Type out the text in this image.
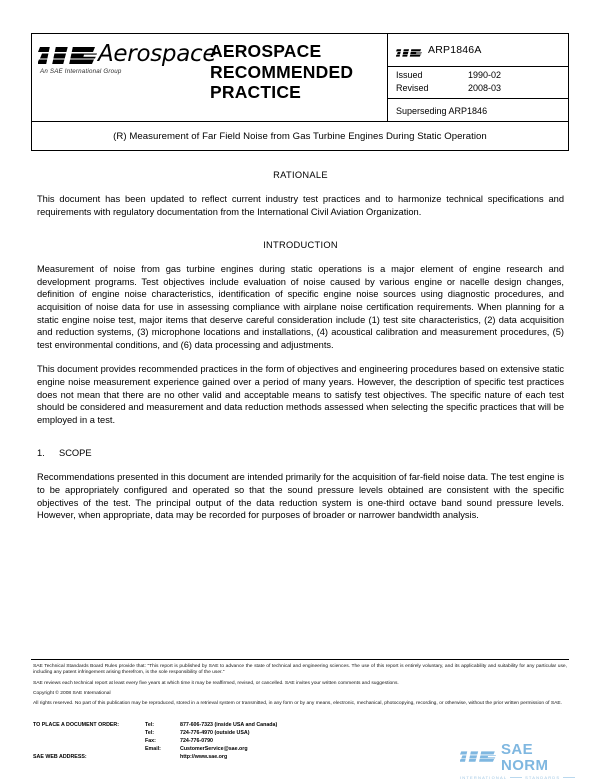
Aerospace
An SAE International Group
AEROSPACE
RECOMMENDED
PRACTICE
ARP1846A
Issued	1990-02
Revised	2008-03
Superseding ARP1846
(R) Measurement of Far Field Noise from Gas Turbine Engines During Static Operation
RATIONALE

This document has been updated to reflect current industry test practices and to harmonize technical specifications and requirements with regulatory documentation from the International Civil Aviation Organization.

INTRODUCTION

Measurement of noise from gas turbine engines during static operations is a major element of engine research and development programs. Test objectives include evaluation of noise caused by various engine or nacelle design changes, definition of engine noise characteristics, identification of specific engine noise sources using diagnostic procedures, and acquisition of noise data for use in assessing compliance with airplane noise certification requirements. When planning for a static engine noise test, major items that deserve careful consideration include (1) test site characteristics, (2) data acquisition and reduction systems, (3) microphone locations and installations, (4) acoustical calibration and measurement procedures, (5) test environmental conditions, and (6) data processing and adjustments.

This document provides recommended practices in the form of objectives and engineering procedures based on extensive static engine noise measurement experience gained over a period of many years. However, the description of specific test practices does not mean that there are no other valid and acceptable means to satisfy test objectives. The specific nature of each test should be considered and measurement and data reduction methods assessed when selecting the specific practices that will be employed in a test.

1. SCOPE

Recommendations presented in this document are intended primarily for the acquisition of far-field noise data. The test engine is to be appropriately configured and operated so that the sound pressure levels obtained are consistent with the specific objectives of the test. The principal output of the data reduction system is one-third octave band sound pressure levels. However, when appropriate, data may be recorded for purposes of broader or narrower bandwidth analysis.

SAE Technical Standards Board Rules provide that: "This report is published by SAE to advance the state of technical and engineering sciences. The use of this report is entirely voluntary, and its applicability and suitability for any particular use, including any patent infringement arising therefrom, is the sole responsibility of the user."

SAE reviews each technical report at least every five years at which time it may be reaffirmed, revised, or cancelled. SAE invites your written comments and suggestions.

Copyright © 2008 SAE International

All rights reserved. No part of this publication may be reproduced, stored in a retrieval system or transmitted, in any form or by any means, electronic, mechanical, photocopying, recording, or otherwise, without the prior written permission of SAE.

TO PLACE A DOCUMENT ORDER:	Tel:	877-606-7323 (inside USA and Canada)
Tel:	724-776-4970 (outside USA)
Fax:	724-776-0790
Email:	CustomerService@sae.org
SAE WEB ADDRESS:	http://www.sae.org	SAE NORM
INTERNATIONAL	STANDARDS
